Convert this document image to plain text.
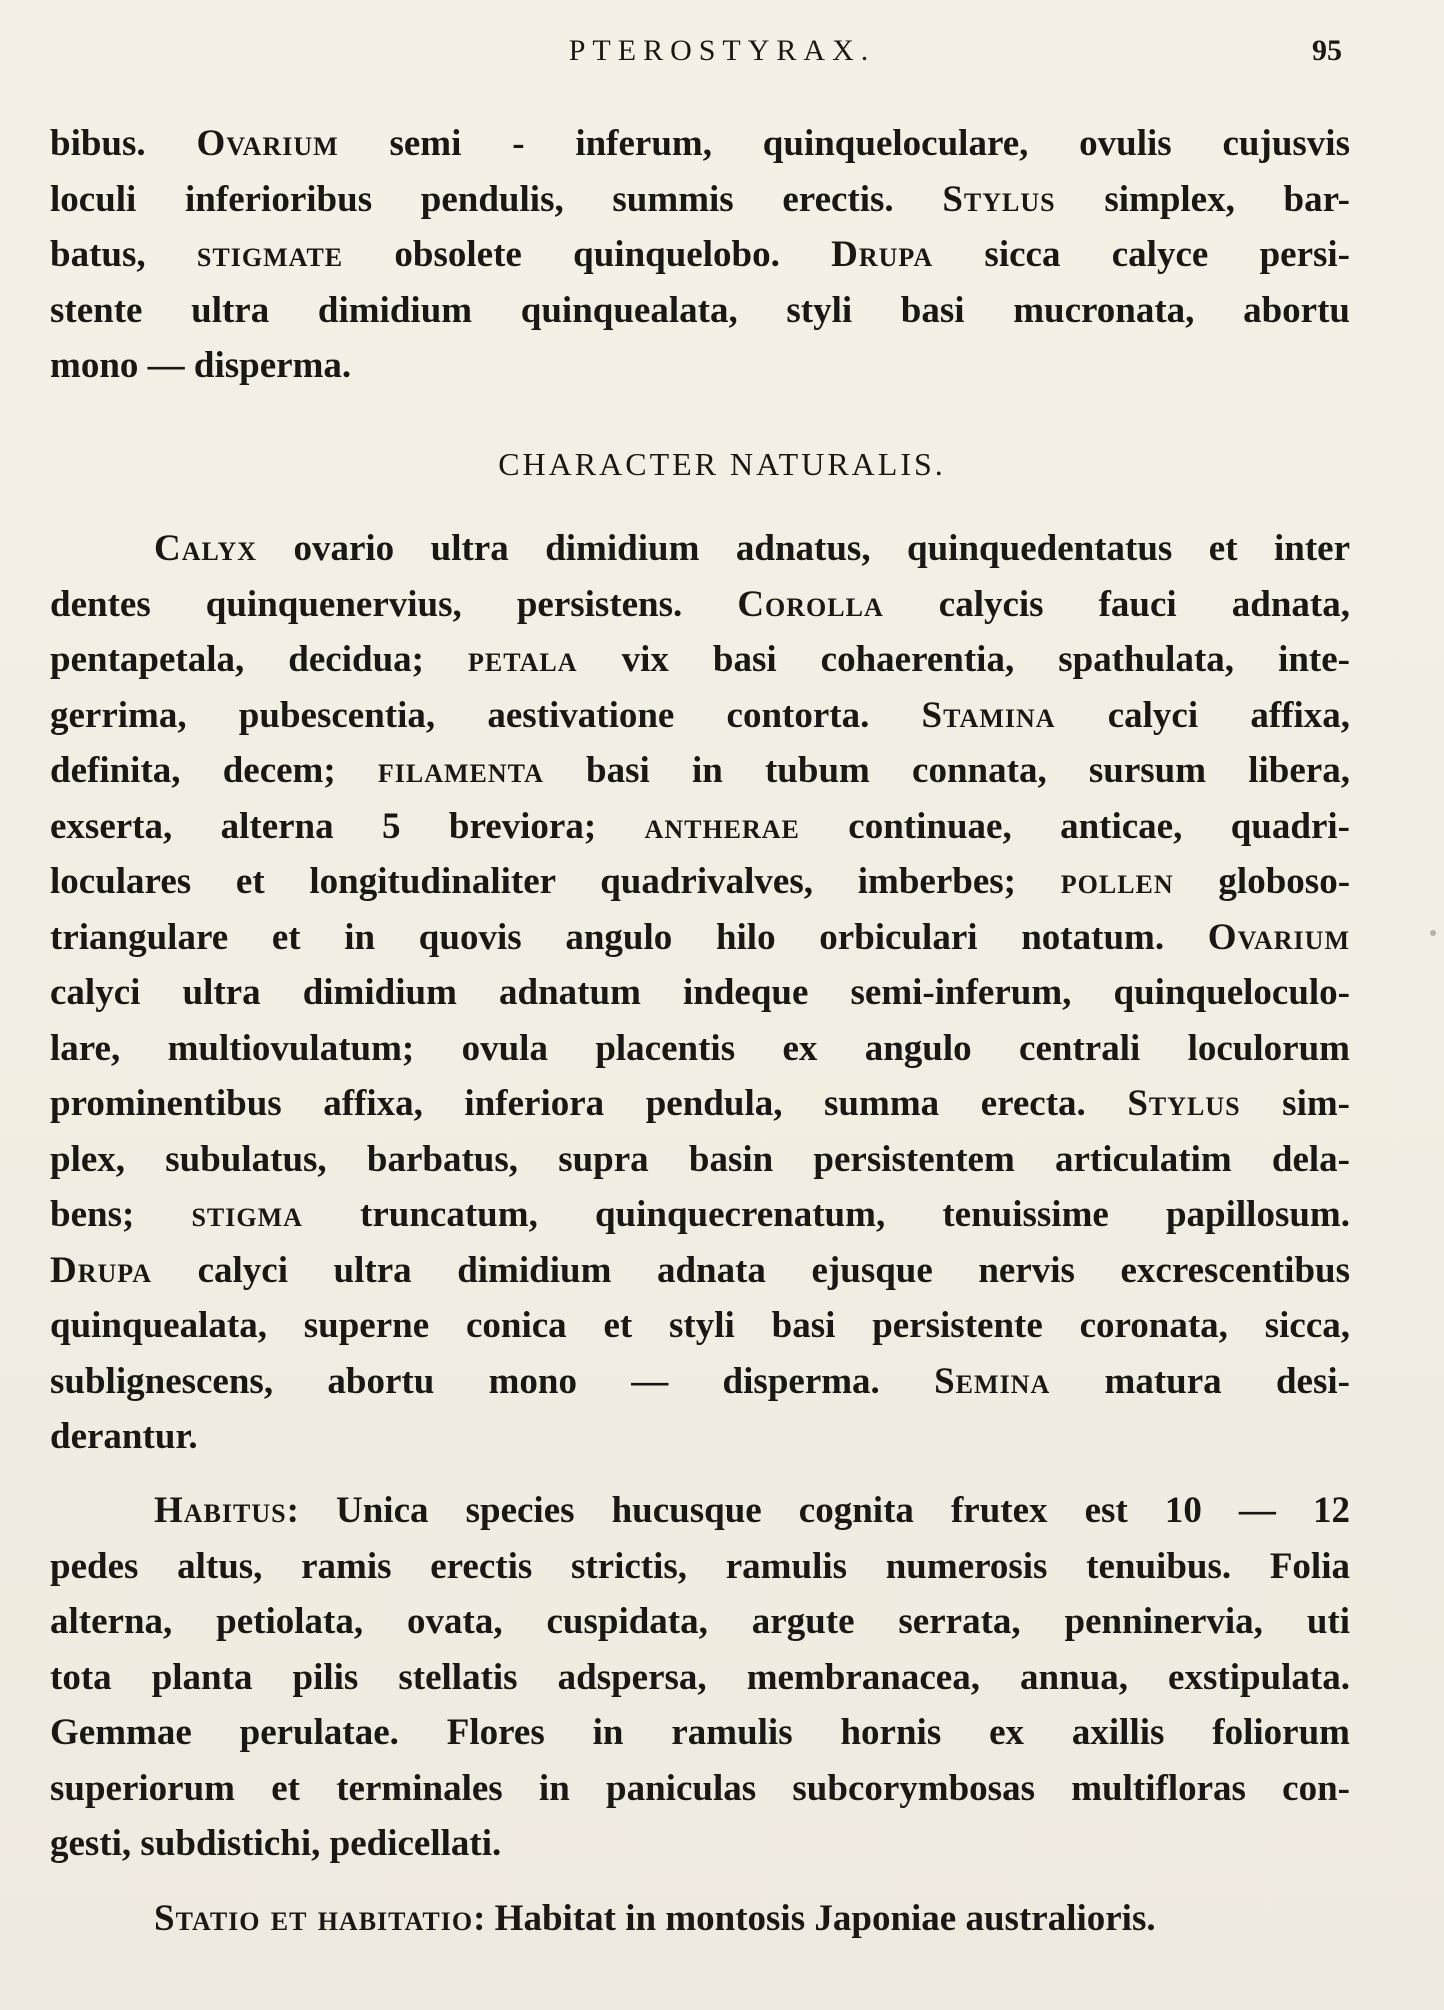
PTEROSTYRAX.	95
bibus. Ovarium semi - inferum, quinqueloculare, ovulis cujusvis
loculi inferioribus pendulis, summis erectis. Stylus simplex, bar-
batus, stigmate obsolete quinquelobo. Drupa sicca calyce persi-
stente ultra dimidium quinquealata, styli basi mucronata, abortu
mono — disperma.
CHARACTER NATURALIS.
Calyx ovario ultra dimidium adnatus, quinquedentatus et inter
dentes quinquenervius, persistens. Corolla calycis fauci adnata,
pentapetala, decidua; petala vix basi cohaerentia, spathulata, inte-
gerrima, pubescentia, aestivatione contorta. Stamina calyci affixa,
definita, decem; filamenta basi in tubum connata, sursum libera,
exserta, alterna 5 breviora; antherae continuae, anticae, quadri-
loculares et longitudinaliter quadrivalves, imberbes; pollen globoso-
triangulare et in quovis angulo hilo orbiculari notatum. Ovarium
calyci ultra dimidium adnatum indeque semi-inferum, quinqueloculo-
lare, multiovulatum; ovula placentis ex angulo centrali loculorum
prominentibus affixa, inferiora pendula, summa erecta. Stylus sim-
plex, subulatus, barbatus, supra basin persistentem articulatim dela-
bens; stigma truncatum, quinquecrenatum, tenuissime papillosum.
Drupa calyci ultra dimidium adnata ejusque nervis excrescentibus
quinquealata, superne conica et styli basi persistente coronata, sicca,
sublignescens, abortu mono — disperma. Semina matura desi-
derantur.
Habitus: Unica species hucusque cognita frutex est 10 — 12
pedes altus, ramis erectis strictis, ramulis numerosis tenuibus. Folia
alterna, petiolata, ovata, cuspidata, argute serrata, penninervia, uti
tota planta pilis stellatis adspersa, membranacea, annua, exstipulata.
Gemmae perulatae. Flores in ramulis hornis ex axillis foliorum
superiorum et terminales in paniculas subcorymbosas multifloras con-
gesti, subdistichi, pedicellati.
Statio et habitatio: Habitat in montosis Japoniae australioris.
